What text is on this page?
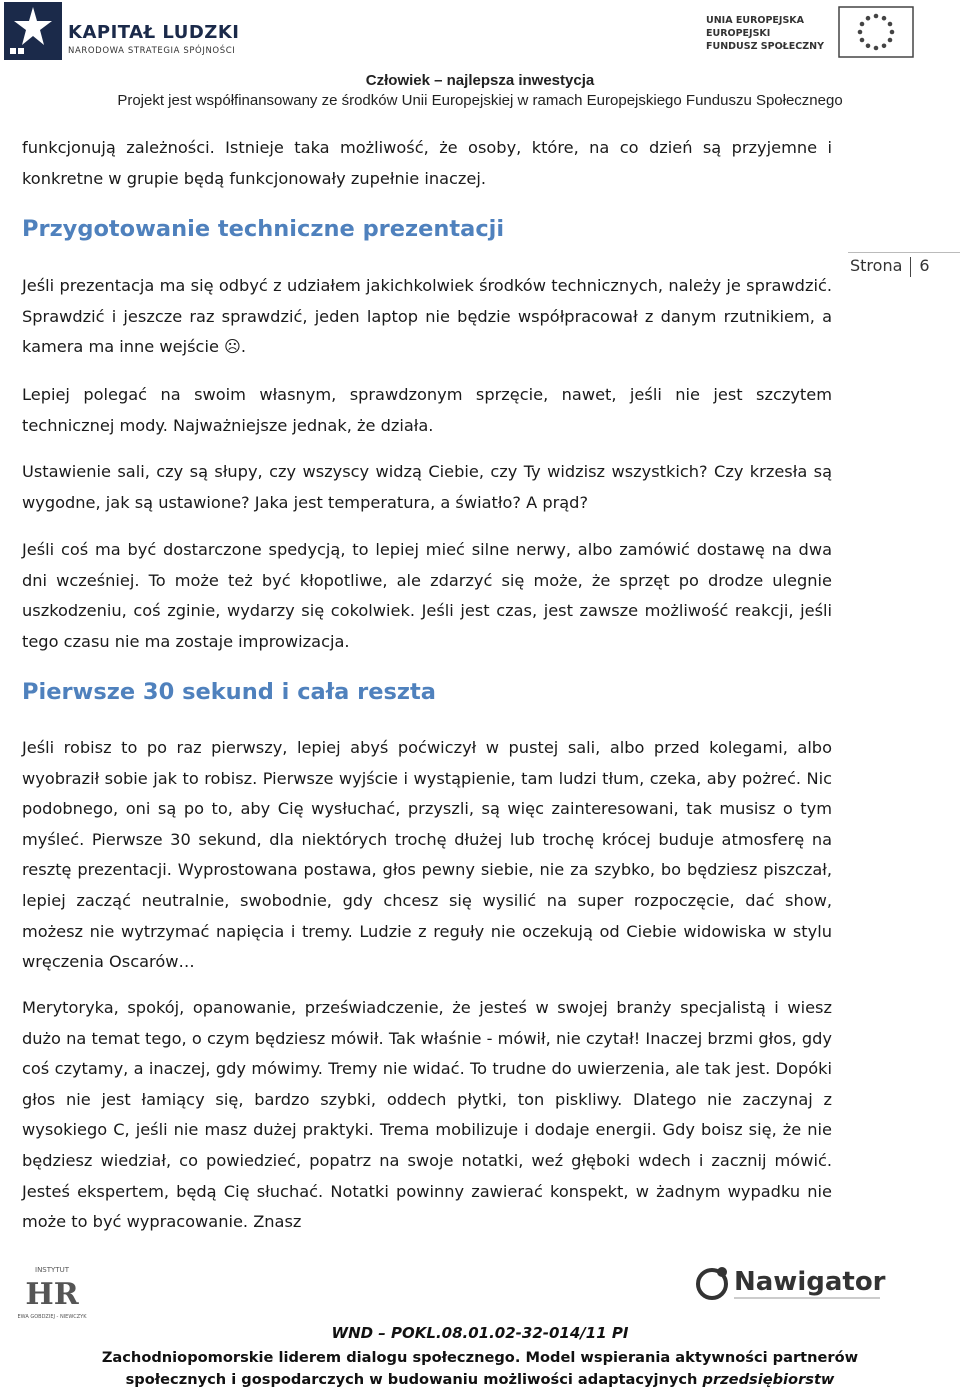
KAPITAŁ LUDZKI
NARODOWA STRATEGIA SPÓJNOŚCI
UNIA EUROPEJSKA
EUROPEJSKI
FUNDUSZ SPOŁECZNY
Człowiek – najlepsza inwestycja
Projekt jest współfinansowany ze środków Unii Europejskiej w ramach Europejskiego Funduszu Społecznego
Strona 6

funkcjonują zależności. Istnieje taka możliwość, że osoby, które, na co dzień są przyjemne i konkretne w grupie będą funkcjonowały zupełnie inaczej.

Przygotowanie techniczne prezentacji

Jeśli prezentacja ma się odbyć z udziałem jakichkolwiek środków technicznych, należy je sprawdzić. Sprawdzić i jeszcze raz sprawdzić, jeden laptop nie będzie współpracował z danym rzutnikiem, a kamera ma inne wejście ☹.

Lepiej polegać na swoim własnym, sprawdzonym sprzęcie, nawet, jeśli nie jest szczytem technicznej mody. Najważniejsze jednak, że działa.

Ustawienie sali, czy są słupy, czy wszyscy widzą Ciebie, czy Ty widzisz wszystkich? Czy krzesła są wygodne, jak są ustawione? Jaka jest temperatura, a światło? A prąd?

Jeśli coś ma być dostarczone spedycją, to lepiej mieć silne nerwy, albo zamówić dostawę na dwa dni wcześniej. To może też być kłopotliwe, ale zdarzyć się może, że sprzęt po drodze ulegnie uszkodzeniu, coś zginie, wydarzy się cokolwiek. Jeśli jest czas, jest zawsze możliwość reakcji, jeśli tego czasu nie ma zostaje improwizacja.

Pierwsze 30 sekund i cała reszta

Jeśli robisz to po raz pierwszy, lepiej abyś poćwiczył w pustej sali, albo przed kolegami, albo wyobraził sobie jak to robisz. Pierwsze wyjście i wystąpienie, tam ludzi tłum, czeka, aby pożreć. Nic podobnego, oni są po to, aby Cię wysłuchać, przyszli, są więc zainteresowani, tak musisz o tym myśleć. Pierwsze 30 sekund, dla niektórych trochę dłużej lub trochę krócej buduje atmosferę na resztę prezentacji. Wyprostowana postawa, głos pewny siebie, nie za szybko, bo będziesz piszczał, lepiej zacząć neutralnie, swobodnie, gdy chcesz się wysilić na super rozpoczęcie, dać show, możesz nie wytrzymać napięcia i tremy. Ludzie z reguły nie oczekują od Ciebie widowiska w stylu wręczenia Oscarów…

Merytoryka, spokój, opanowanie, przeświadczenie, że jesteś w swojej branży specjalistą i wiesz dużo na temat tego, o czym będziesz mówił. Tak właśnie - mówił, nie czytał! Inaczej brzmi głos, gdy coś czytamy, a inaczej, gdy mówimy. Tremy nie widać. To trudne do uwierzenia, ale tak jest. Dopóki głos nie jest łamiący się, bardzo szybki, oddech płytki, ton piskliwy. Dlatego nie zaczynaj z wysokiego C, jeśli nie masz dużej praktyki. Trema mobilizuje i dodaje energii. Gdy boisz się, że nie będziesz wiedział, co powiedzieć, popatrz na swoje notatki, weź głęboki wdech i zacznij mówić. Jesteś ekspertem, będą Cię słuchać. Notatki powinny zawierać konspekt, w żadnym wypadku nie może to być wypracowanie. Znasz

INSTYTUT
HR
EWA GOBDZIEJ - NIEWCZYK
Nawigator
WND – POKL.08.01.02-32-014/11 PI
Zachodniopomorskie liderem dialogu społecznego. Model wspierania aktywności partnerów
społecznych i gospodarczych w budowaniu możliwości adaptacyjnych przedsiębiorstw
